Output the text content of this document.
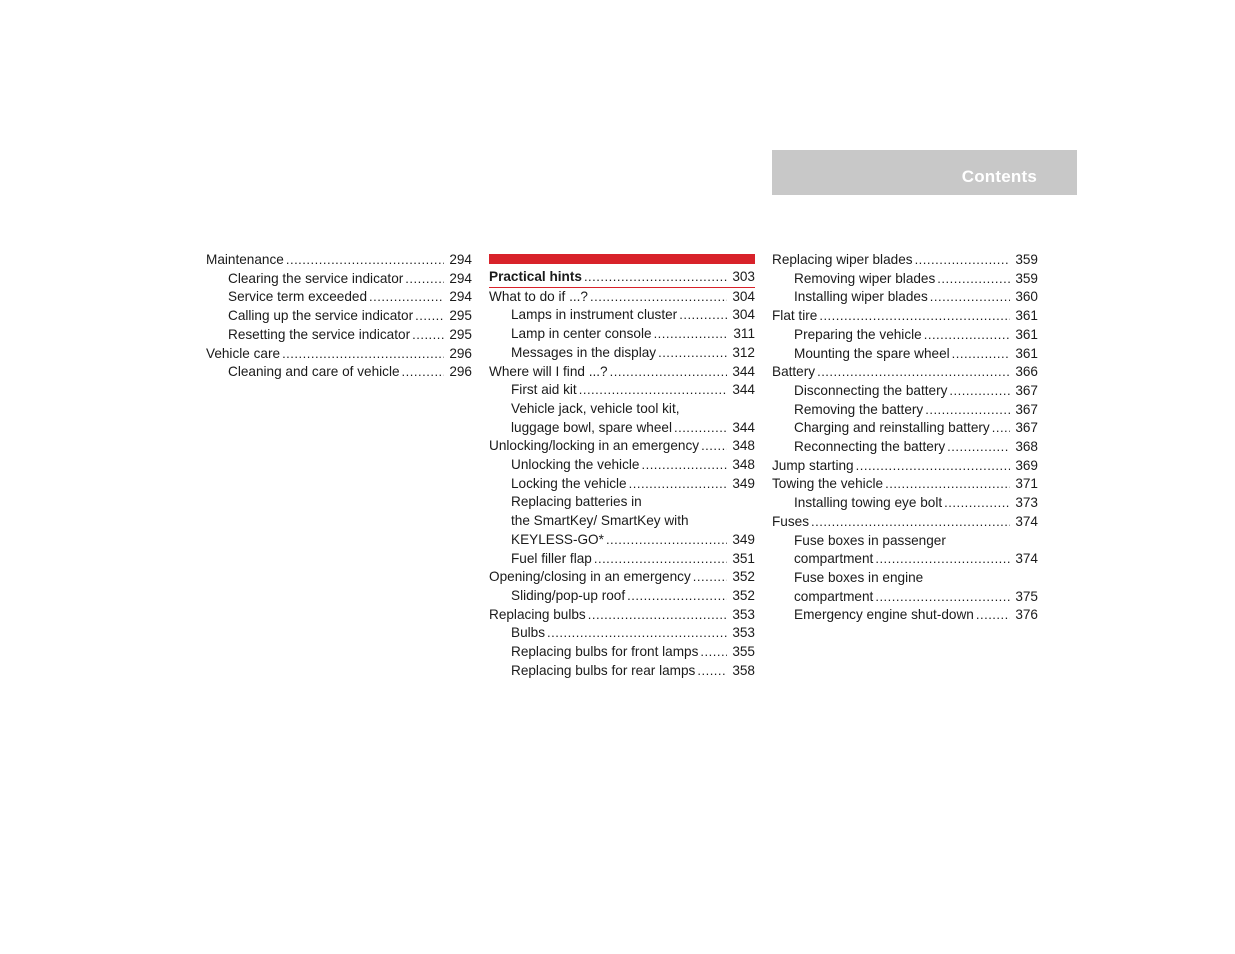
Contents
Maintenance .....	294
Clearing the service indicator .....	294
Service term exceeded .....	294
Calling up the service indicator .....	295
Resetting the service indicator .....	295
Vehicle care .....	296
Cleaning and care of vehicle .....	296
Practical hints .....	303
What to do if ...? .....	304
Lamps in instrument cluster .....	304
Lamp in center console .....	311
Messages in the display .....	312
Where will I find ...? .....	344
First aid kit .....	344
Vehicle jack, vehicle tool kit,
luggage bowl, spare wheel .....	344
Unlocking/locking in an emergency ..... 348
Unlocking the vehicle .....	348
Locking the vehicle .....	349
Replacing batteries in
the SmartKey/ SmartKey with
KEYLESS-GO* .....	349
Fuel filler flap .....	351
Opening/closing in an emergency .....	352
Sliding/pop-up roof .....	352
Replacing bulbs .....	353
Bulbs .....	353
Replacing bulbs for front lamps ..... 355
Replacing bulbs for rear lamps .....	358
Replacing wiper blades .....	359
Removing wiper blades .....	359
Installing wiper blades .....	360
Flat tire .....	361
Preparing the vehicle .....	361
Mounting the spare wheel .....	361
Battery .....	366
Disconnecting the battery .....	367
Removing the battery .....	367
Charging and reinstalling battery ..... 367
Reconnecting the battery .....	368
Jump starting .....	369
Towing the vehicle .....	371
Installing towing eye bolt .....	373
Fuses .....	374
Fuse boxes in passenger
compartment .....	374
Fuse boxes in engine
compartment .....	375
Emergency engine shut-down .....	376
